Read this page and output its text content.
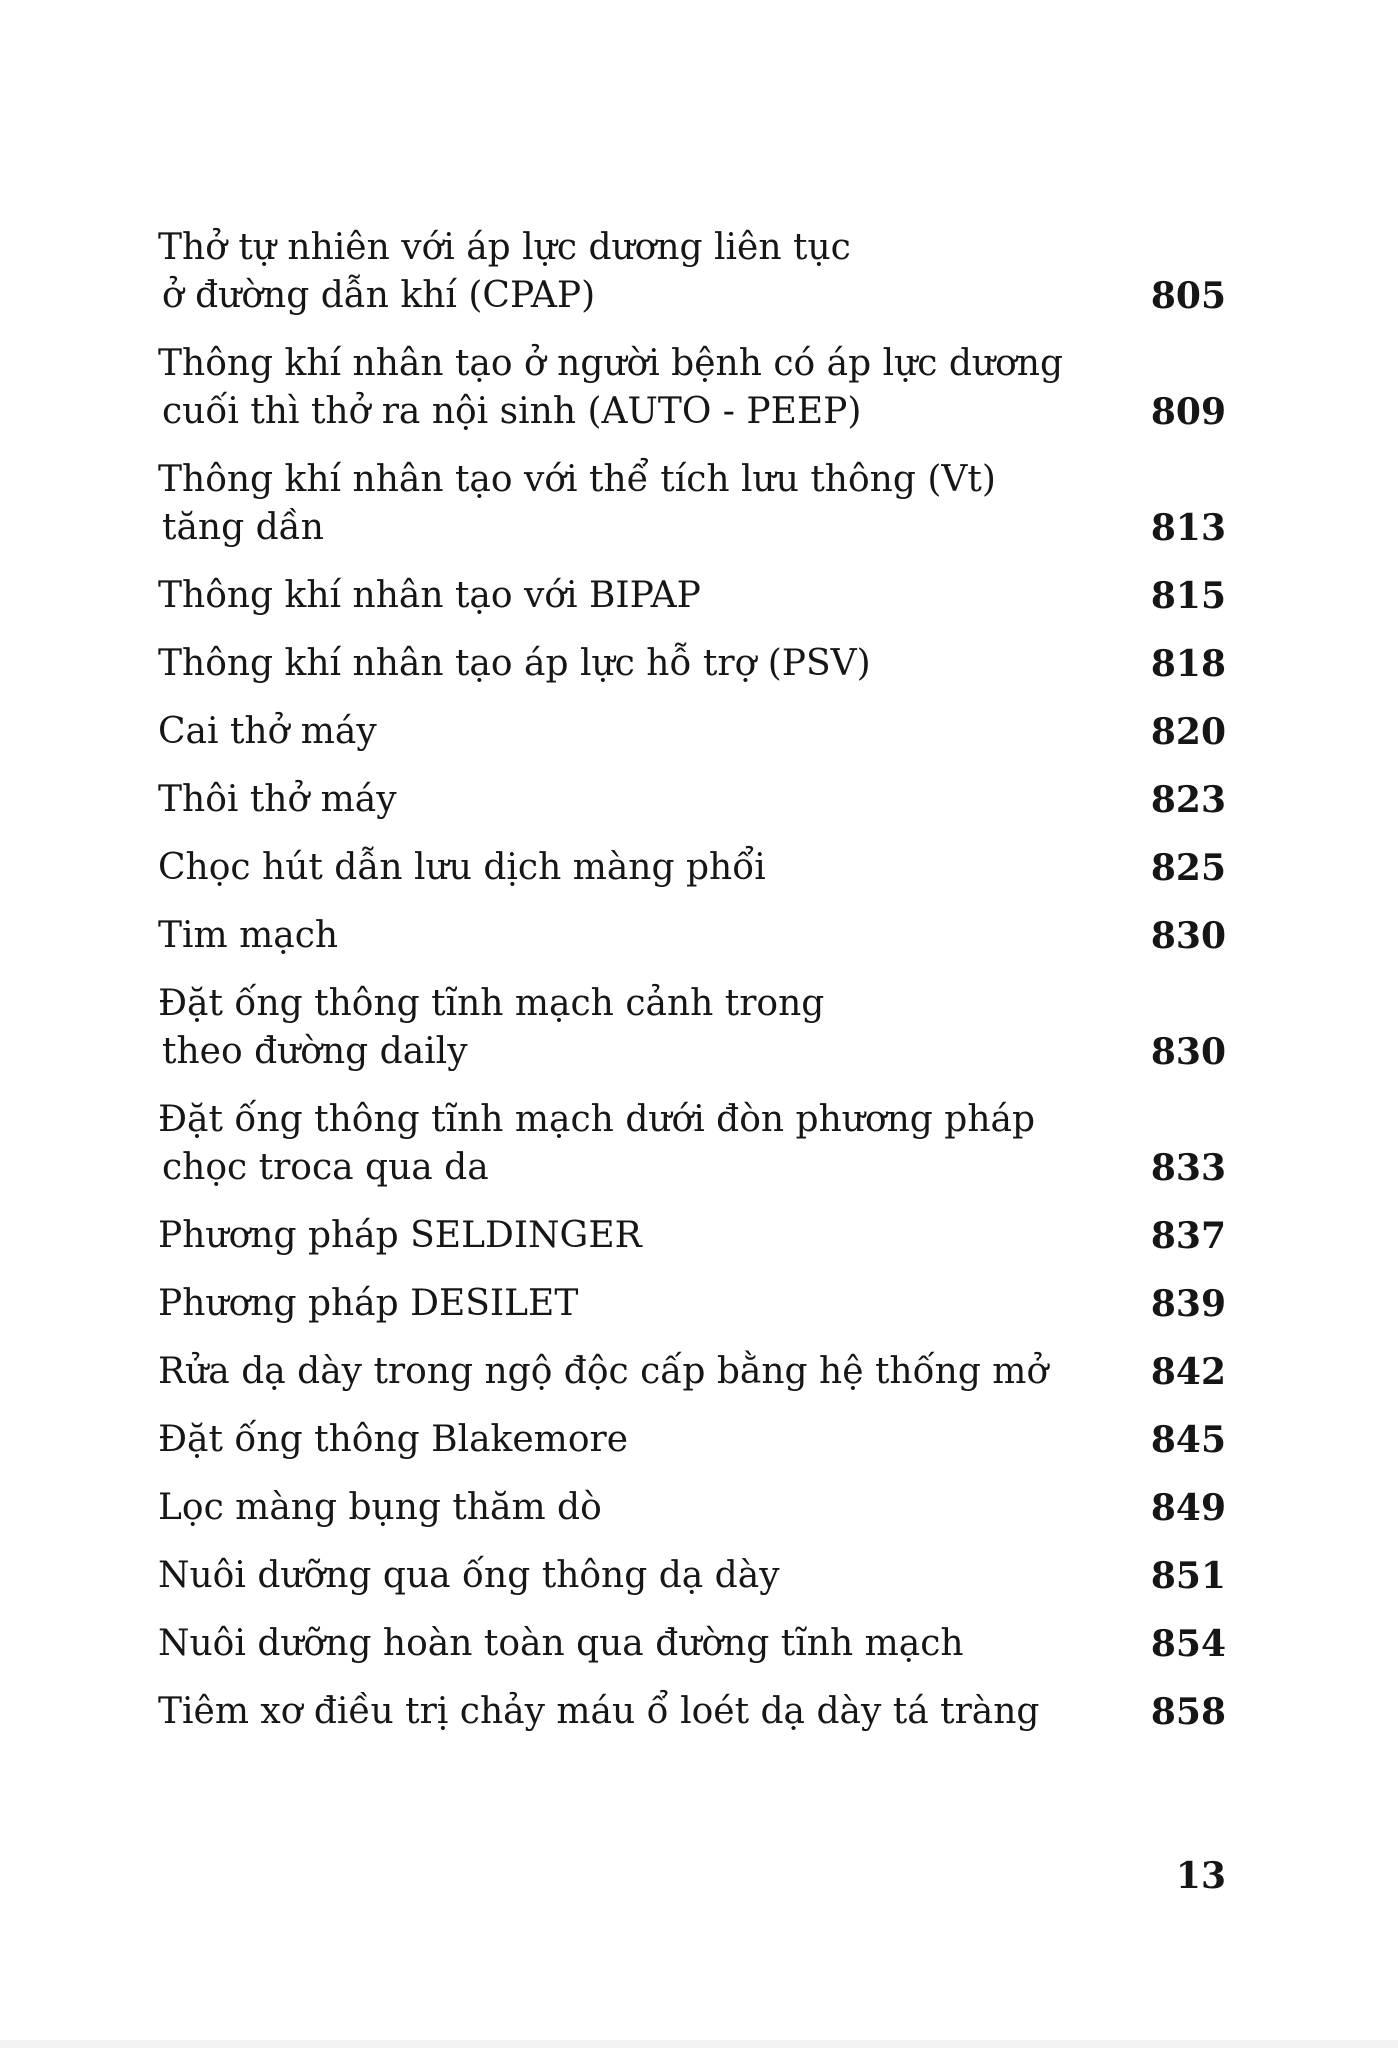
Thở tự nhiên với áp lực dương liên tục
ở đường dẫn khí (CPAP)	805
Thông khí nhân tạo ở người bệnh có áp lực dương
cuối thì thở ra nội sinh (AUTO - PEEP)	809
Thông khí nhân tạo với thể tích lưu thông (Vt)
tăng dần	813
Thông khí nhân tạo với BIPAP	815
Thông khí nhân tạo áp lực hỗ trợ (PSV)	818
Cai thở máy	820
Thôi thở máy	823
Chọc hút dẫn lưu dịch màng phổi	825
Tim mạch	830
Đặt ống thông tĩnh mạch cảnh trong
theo đường daily	830
Đặt ống thông tĩnh mạch dưới đòn phương pháp
chọc troca qua da	833
Phương pháp SELDINGER	837
Phương pháp DESILET	839
Rửa dạ dày trong ngộ độc cấp bằng hệ thống mở	842
Đặt ống thông Blakemore	845
Lọc màng bụng thăm dò	849
Nuôi dưỡng qua ống thông dạ dày	851
Nuôi dưỡng hoàn toàn qua đường tĩnh mạch	854
Tiêm xơ điều trị chảy máu ổ loét dạ dày tá tràng	858
13
